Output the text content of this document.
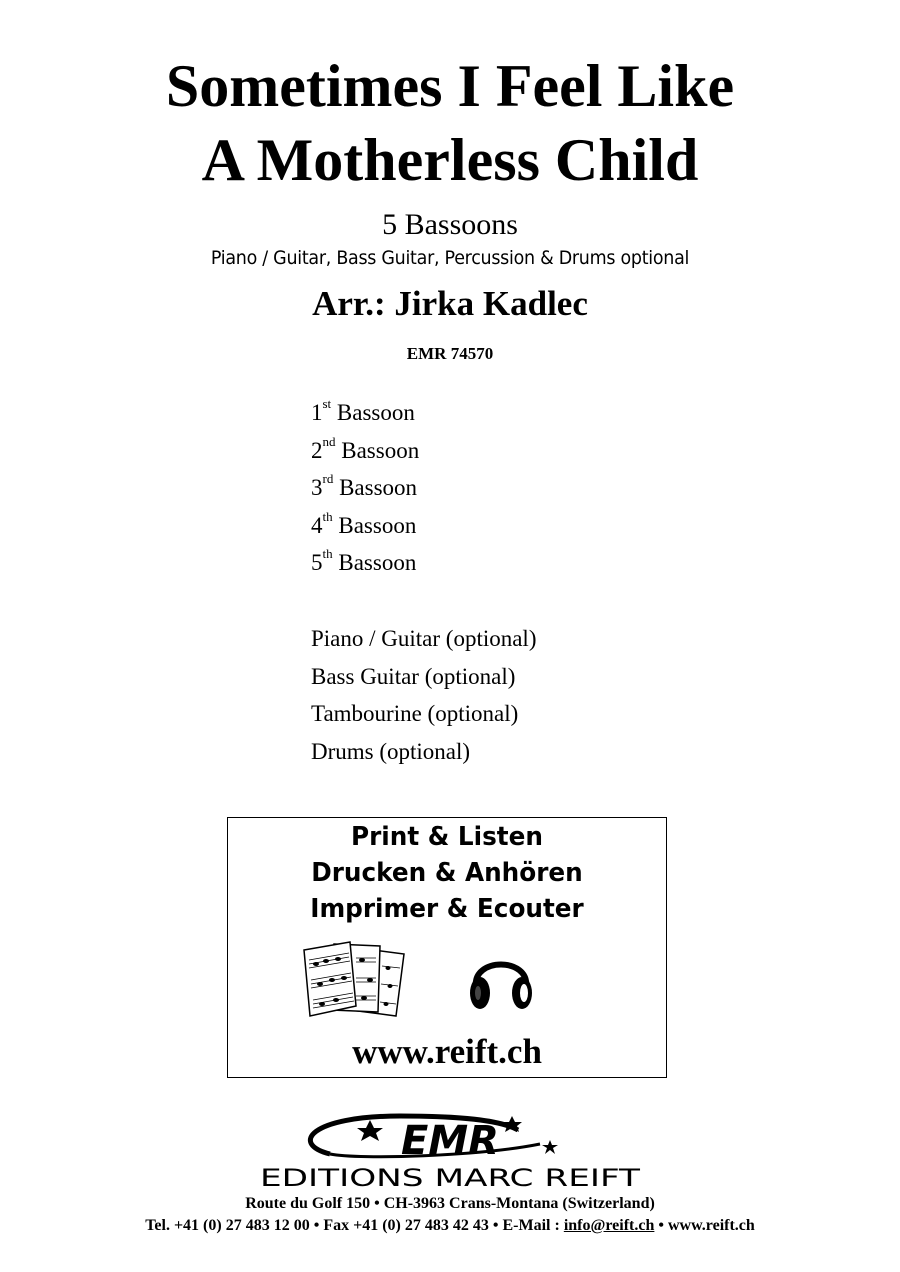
Sometimes I Feel Like
A Motherless Child
5 Bassoons
Piano / Guitar, Bass Guitar, Percussion & Drums optional
Arr.: Jirka Kadlec
EMR 74570
1st Bassoon
2nd Bassoon
3rd Bassoon
4th Bassoon
5th Bassoon
Piano / Guitar (optional)
Bass Guitar (optional)
Tambourine (optional)
Drums (optional)
Print & Listen
Drucken & Anhören
Imprimer & Ecouter
www.reift.ch
EMR
EDITIONS MARC REIFT
Route du Golf 150 • CH-3963 Crans-Montana (Switzerland)
Tel. +41 (0) 27 483 12 00 • Fax +41 (0) 27 483 42 43 • E-Mail : info@reift.ch • www.reift.ch
